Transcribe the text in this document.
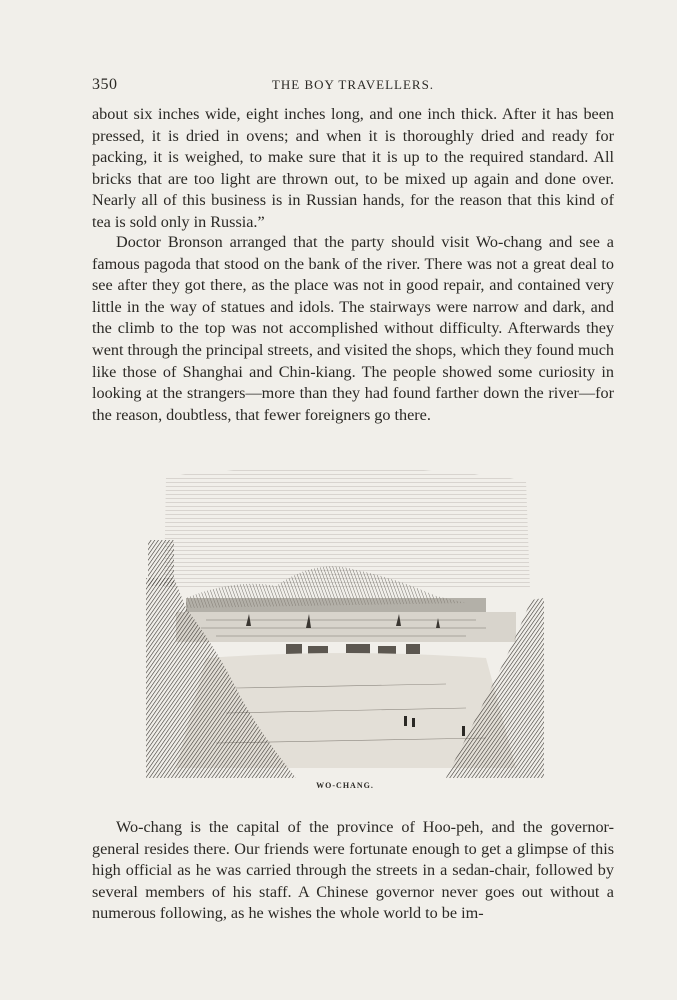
350	THE BOY TRAVELLERS.

about six inches wide, eight inches long, and one inch thick. After it has been pressed, it is dried in ovens; and when it is thoroughly dried and ready for packing, it is weighed, to make sure that it is up to the required standard. All bricks that are too light are thrown out, to be mixed up again and done over. Nearly all of this business is in Russian hands, for the reason that this kind of tea is sold only in Russia.”

Doctor Bronson arranged that the party should visit Wo-chang and see a famous pagoda that stood on the bank of the river. There was not a great deal to see after they got there, as the place was not in good repair, and contained very little in the way of statues and idols. The stairways were narrow and dark, and the climb to the top was not accomplished without difficulty. Afterwards they went through the principal streets, and visited the shops, which they found much like those of Shanghai and Chin-kiang. The people showed some curiosity in looking at the strangers—more than they had found farther down the river—for the reason, doubtless, that fewer foreigners go there.

WO-CHANG.

Wo-chang is the capital of the province of Hoo-peh, and the governor-general resides there. Our friends were fortunate enough to get a glimpse of this high official as he was carried through the streets in a sedan-chair, followed by several members of his staff. A Chinese governor never goes out without a numerous following, as he wishes the whole world to be im-
